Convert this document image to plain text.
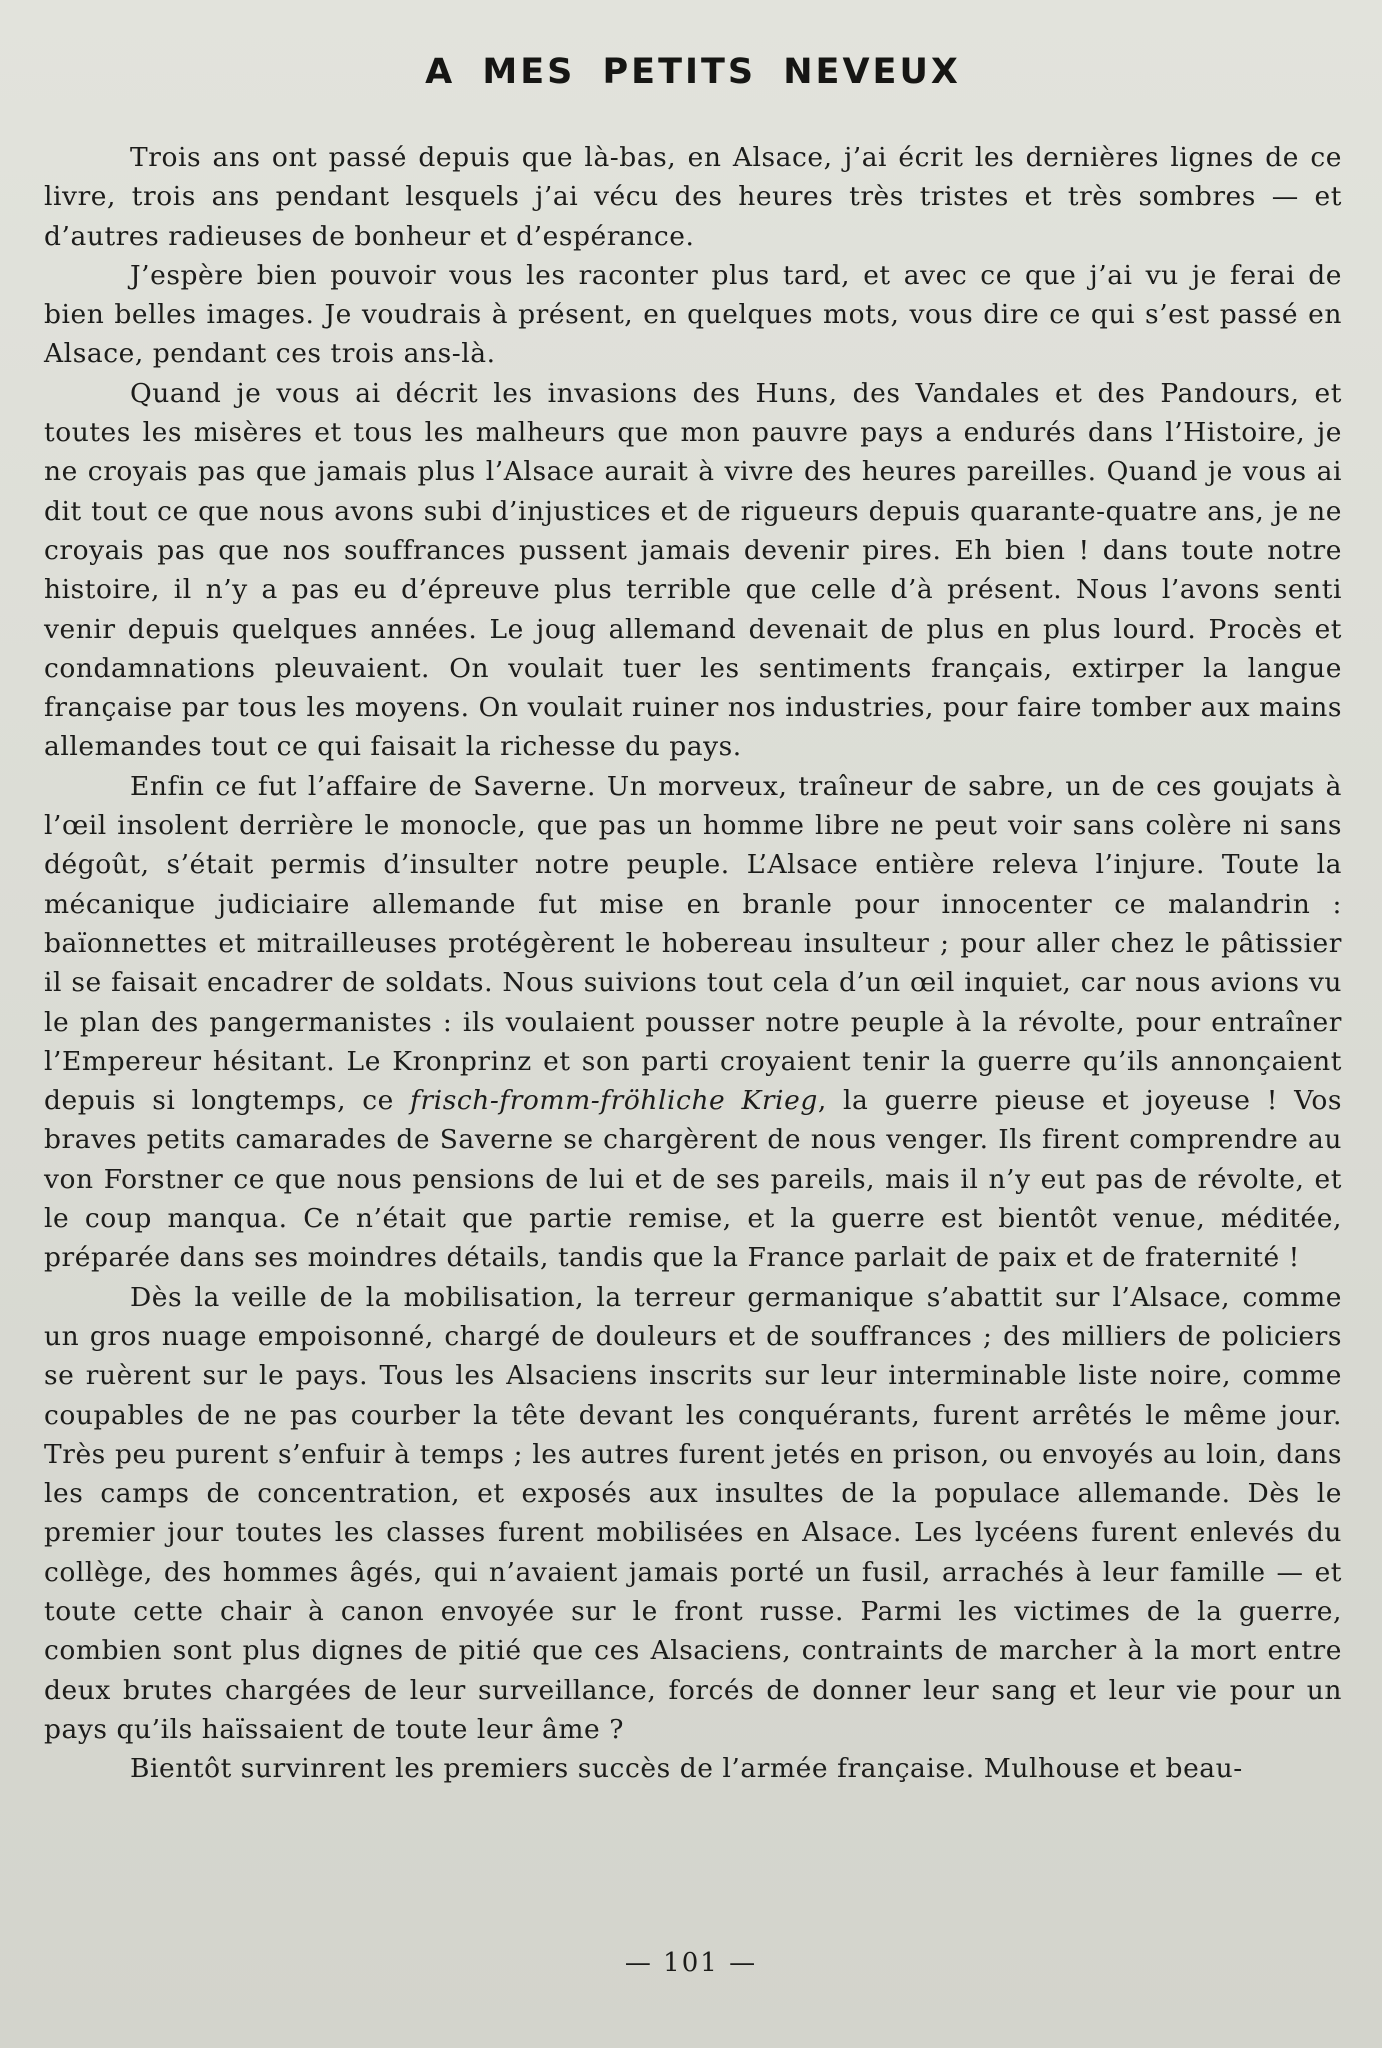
A MES PETITS NEVEUX

Trois ans ont passé depuis que là-bas, en Alsace, j’ai écrit les dernières lignes de ce livre, trois ans pendant lesquels j’ai vécu des heures très tristes et très sombres — et d’autres radieuses de bonheur et d’espérance.

J’espère bien pouvoir vous les raconter plus tard, et avec ce que j’ai vu je ferai de bien belles images. Je voudrais à présent, en quelques mots, vous dire ce qui s’est passé en Alsace, pendant ces trois ans-là.

Quand je vous ai décrit les invasions des Huns, des Vandales et des Pandours, et toutes les misères et tous les malheurs que mon pauvre pays a endurés dans l’Histoire, je ne croyais pas que jamais plus l’Alsace aurait à vivre des heures pareilles. Quand je vous ai dit tout ce que nous avons subi d’injustices et de rigueurs depuis quarante-quatre ans, je ne croyais pas que nos souffrances pussent jamais devenir pires. Eh bien ! dans toute notre histoire, il n’y a pas eu d’épreuve plus terrible que celle d’à présent. Nous l’avons senti venir depuis quelques années. Le joug allemand devenait de plus en plus lourd. Procès et condamnations pleuvaient. On voulait tuer les sentiments français, extirper la langue française par tous les moyens. On voulait ruiner nos industries, pour faire tomber aux mains allemandes tout ce qui faisait la richesse du pays.

Enfin ce fut l’affaire de Saverne. Un morveux, traîneur de sabre, un de ces goujats à l’œil insolent derrière le monocle, que pas un homme libre ne peut voir sans colère ni sans dégoût, s’était permis d’insulter notre peuple. L’Alsace entière releva l’injure. Toute la mécanique judiciaire allemande fut mise en branle pour innocenter ce malandrin : baïonnettes et mitrailleuses protégèrent le hobereau insulteur ; pour aller chez le pâtissier il se faisait encadrer de soldats. Nous suivions tout cela d’un œil inquiet, car nous avions vu le plan des pangermanistes : ils voulaient pousser notre peuple à la révolte, pour entraîner l’Empereur hésitant. Le Kronprinz et son parti croyaient tenir la guerre qu’ils annonçaient depuis si longtemps, ce frisch-fromm-fröhliche Krieg, la guerre pieuse et joyeuse ! Vos braves petits camarades de Saverne se chargèrent de nous venger. Ils firent comprendre au von Forstner ce que nous pensions de lui et de ses pareils, mais il n’y eut pas de révolte, et le coup manqua. Ce n’était que partie remise, et la guerre est bientôt venue, méditée, préparée dans ses moindres détails, tandis que la France parlait de paix et de fraternité !

Dès la veille de la mobilisation, la terreur germanique s’abattit sur l’Alsace, comme un gros nuage empoisonné, chargé de douleurs et de souffrances ; des milliers de policiers se ruèrent sur le pays. Tous les Alsaciens inscrits sur leur interminable liste noire, comme coupables de ne pas courber la tête devant les conquérants, furent arrêtés le même jour. Très peu purent s’enfuir à temps ; les autres furent jetés en prison, ou envoyés au loin, dans les camps de concentration, et exposés aux insultes de la populace allemande. Dès le premier jour toutes les classes furent mobilisées en Alsace. Les lycéens furent enlevés du collège, des hommes âgés, qui n’avaient jamais porté un fusil, arrachés à leur famille — et toute cette chair à canon envoyée sur le front russe. Parmi les victimes de la guerre, combien sont plus dignes de pitié que ces Alsaciens, contraints de marcher à la mort entre deux brutes chargées de leur surveillance, forcés de donner leur sang et leur vie pour un pays qu’ils haïssaient de toute leur âme ?

Bientôt survinrent les premiers succès de l’armée française. Mulhouse et beau-

— 101 —
